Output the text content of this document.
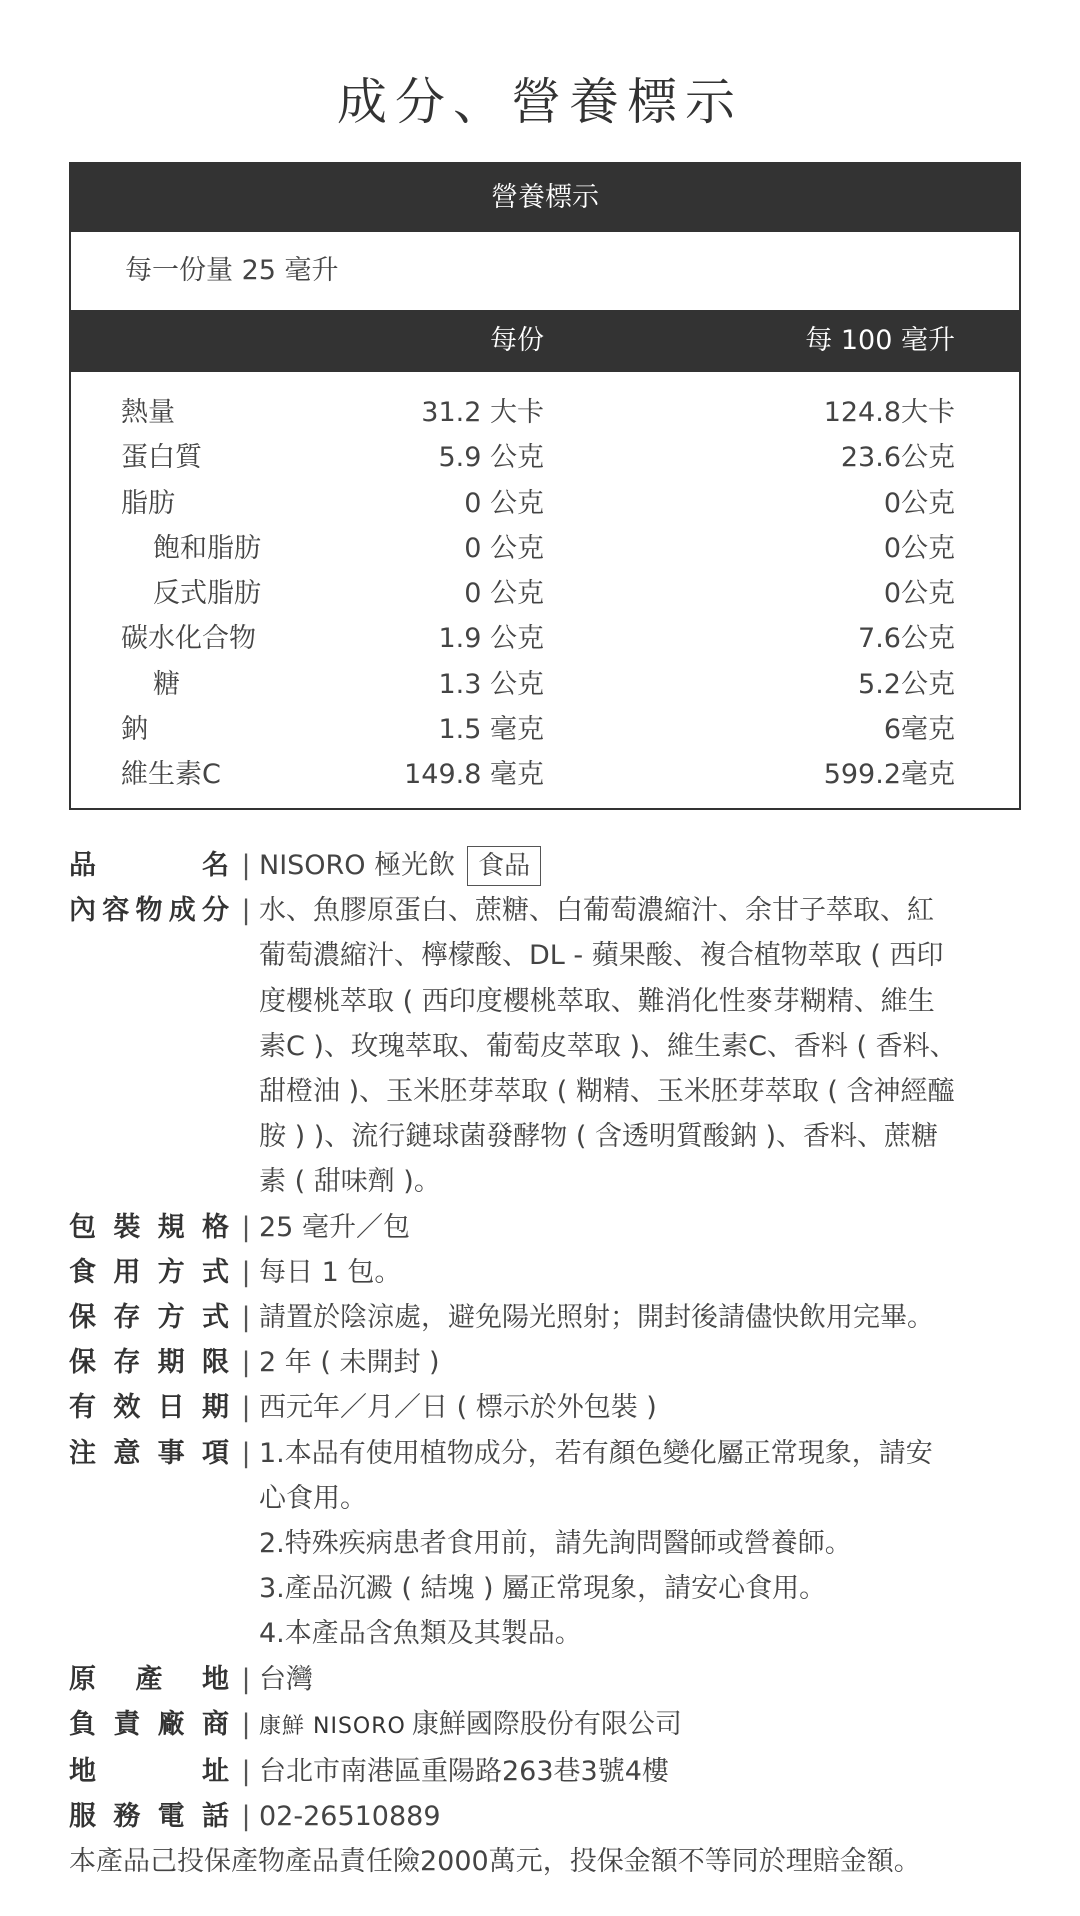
成分、營養標示
營養標示
每一份量 25 毫升
每份	每 100 毫升
熱量	31.2 大卡	124.8大卡
蛋白質	5.9 公克	23.6公克
脂肪	0 公克	0公克
飽和脂肪	0 公克	0公克
反式脂肪	0 公克	0公克
碳水化合物	1.9 公克	7.6公克
糖	1.3 公克	5.2公克
鈉	1.5 毫克	6毫克
維生素C	149.8 毫克	599.2毫克
品	名 | NISORO 極光飲 食品
內 容 物 成 分 | 水、魚膠原蛋白、蔗糖、白葡萄濃縮汁、余甘子萃取、紅

葡萄濃縮汁、檸檬酸、DL - 蘋果酸、複合植物萃取 ( 西印

度櫻桃萃取 ( 西印度櫻桃萃取、難消化性麥芽糊精、維生

素C )、玫瑰萃取、葡萄皮萃取 )、維生素C、香料 ( 香料、

甜橙油 )、玉米胚芽萃取 ( 糊精、玉米胚芽萃取 ( 含神經醯

胺 ) )、流行鏈球菌發酵物 ( 含透明質酸鈉 )、香料、蔗糖

素 ( 甜味劑 )。

包 裝 規 格 | 25 毫升／包
食 用 方 式 | 每日 1 包。
保 存 方 式 | 請置於陰涼處，避免陽光照射；開封後請儘快飲用完畢。
保 存 期 限 | 2 年 ( 未開封 )
有 效 日 期 | 西元年／月／日 ( 標示於外包裝 )
注 意 事 項 | 1.本品有使用植物成分，若有顏色變化屬正常現象，請安

心食用。

2.特殊疾病患者食用前，請先詢問醫師或營養師。

3.產品沉澱 ( 結塊 ) 屬正常現象，請安心食用。

4.本產品含魚類及其製品。

原 產 地 | 台灣
負 責 廠 商 | 康鮮 NISORO 康鮮國際股份有限公司
地	址 | 台北市南港區重陽路263巷3號4樓
服 務 電 話 | 02-26510889
本產品己投保產物產品責任險2000萬元，投保金額不等同於理賠金額。
